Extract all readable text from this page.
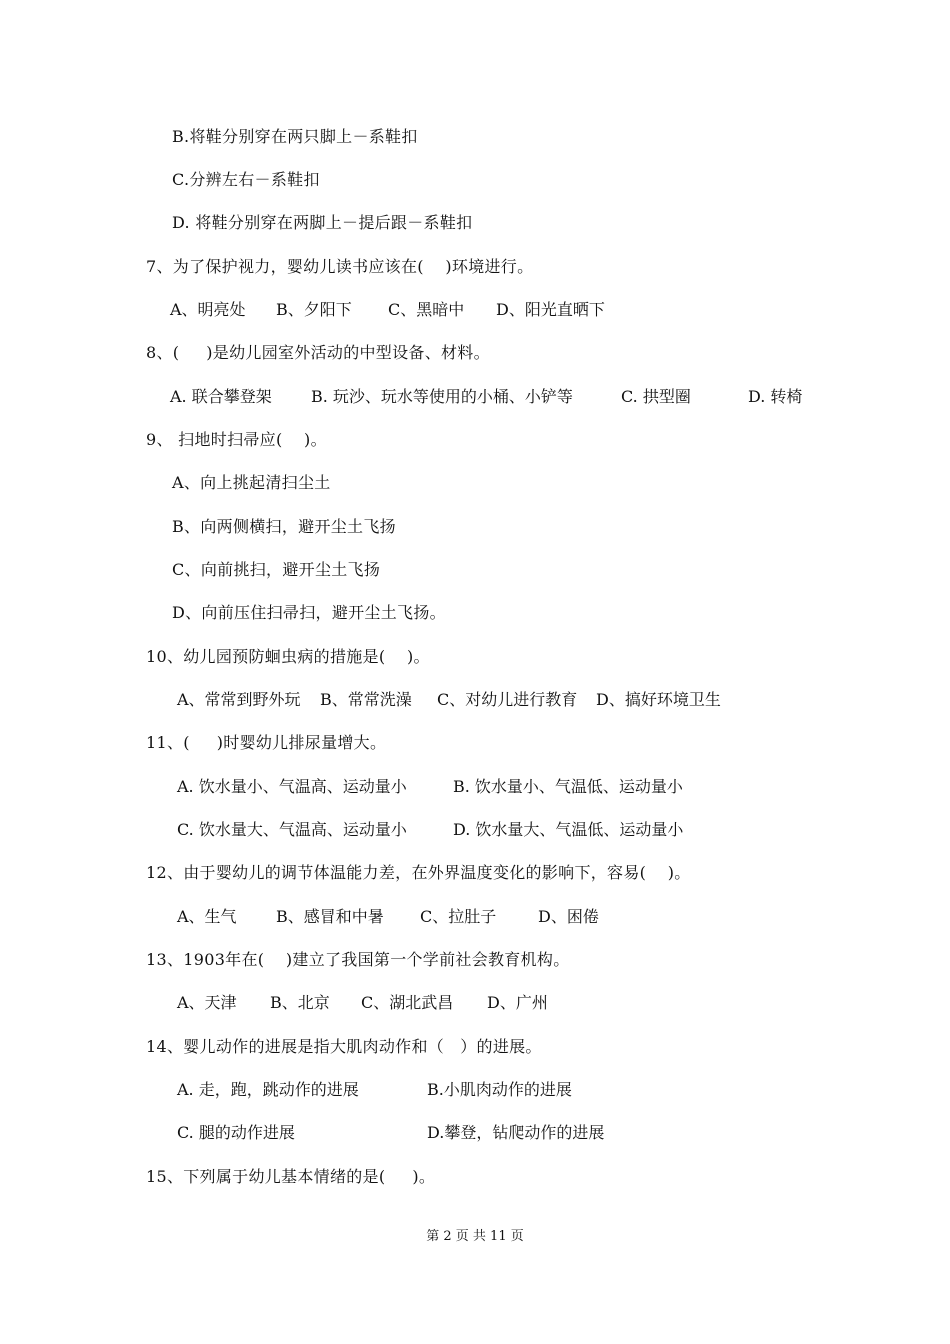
B.将鞋分别穿在两只脚上－系鞋扣
C.分辨左右－系鞋扣
D. 将鞋分别穿在两脚上－提后跟－系鞋扣
7、为了保护视力，婴幼儿读书应该在(    )环境进行。
A、明亮处 B、夕阳下 C、黑暗中 D、阳光直晒下
8、(     )是幼儿园室外活动的中型设备、材料。
A. 联合攀登架 B. 玩沙、玩水等使用的小桶、小铲等	C. 拱型圈	D. 转椅
9、 扫地时扫帚应(    )。
A、向上挑起清扫尘土
B、向两侧横扫，避开尘土飞扬
C、向前挑扫，避开尘土飞扬
D、向前压住扫帚扫，避开尘土飞扬。
10、幼儿园预防蛔虫病的措施是(    )。
A、常常到野外玩 B、常常洗澡 C、对幼儿进行教育 D、搞好环境卫生
11、(     )时婴幼儿排尿量增大。
A. 饮水量小、气温高、运动量小	B. 饮水量小、气温低、运动量小
C. 饮水量大、气温高、运动量小	D. 饮水量大、气温低、运动量小
12、由于婴幼儿的调节体温能力差，在外界温度变化的影响下，容易(    )。
A、生气 B、感冒和中暑 C、拉肚子	D、困倦
13、1903年在(    )建立了我国第一个学前社会教育机构。
A、天津 B、北京 C、湖北武昌 D、广州
14、婴儿动作的进展是指大肌肉动作和（   ）的进展。
A. 走，跑，跳动作的进展	B.小肌肉动作的进展
C. 腿的动作进展	D.攀登，钻爬动作的进展
15、下列属于幼儿基本情绪的是(     )。
第 2 页 共 11 页
